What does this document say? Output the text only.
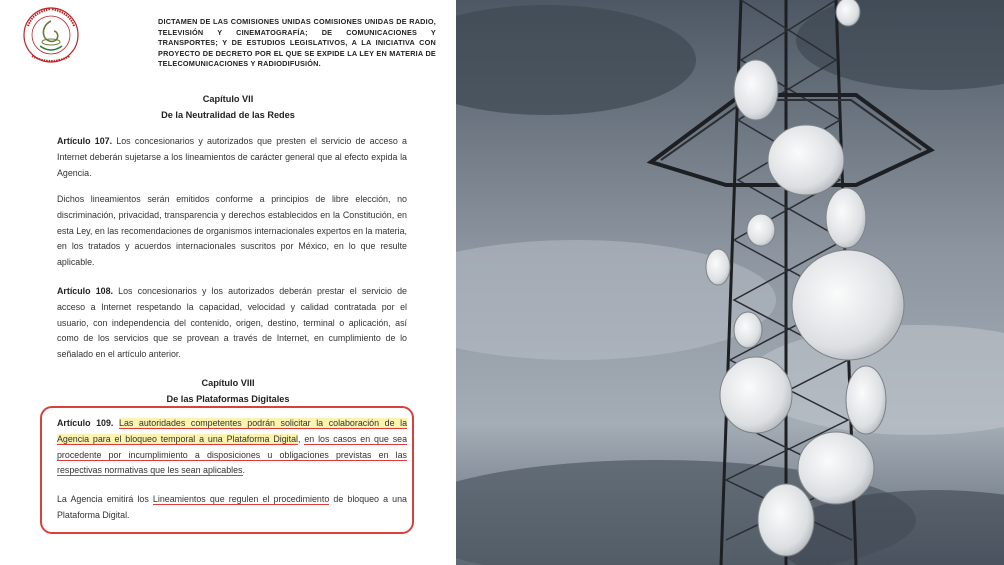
DICTAMEN DE LAS COMISIONES UNIDAS COMISIONES UNIDAS DE RADIO, TELEVISIÓN Y CINEMATOGRAFÍA; DE COMUNICACIONES Y TRANSPORTES; Y DE ESTUDIOS LEGISLATIVOS, A LA INICIATIVA CON PROYECTO DE DECRETO POR EL QUE SE EXPIDE LA LEY EN MATERIA DE TELECOMUNICACIONES Y RADIODIFUSIÓN.
Capítulo VII
De la Neutralidad de las Redes
Artículo 107. Los concesionarios y autorizados que presten el servicio de acceso a Internet deberán sujetarse a los lineamientos de carácter general que al efecto expida la Agencia.
Dichos lineamientos serán emitidos conforme a principios de libre elección, no discriminación, privacidad, transparencia y derechos establecidos en la Constitución, en esta Ley, en las recomendaciones de organismos internacionales expertos en la materia, en los tratados y acuerdos internacionales suscritos por México, en lo que resulte aplicable.
Artículo 108. Los concesionarios y los autorizados deberán prestar el servicio de acceso a Internet respetando la capacidad, velocidad y calidad contratada por el usuario, con independencia del contenido, origen, destino, terminal o aplicación, así como de los servicios que se provean a través de Internet, en cumplimiento de lo señalado en el artículo anterior.
Capítulo VIII
De las Plataformas Digitales
Artículo 109. Las autoridades competentes podrán solicitar la colaboración de la Agencia para el bloqueo temporal a una Plataforma Digital, en los casos en que sea procedente por incumplimiento a disposiciones u obligaciones previstas en las respectivas normativas que les sean aplicables.
La Agencia emitirá los Lineamientos que regulen el procedimiento de bloqueo a una Plataforma Digital.
